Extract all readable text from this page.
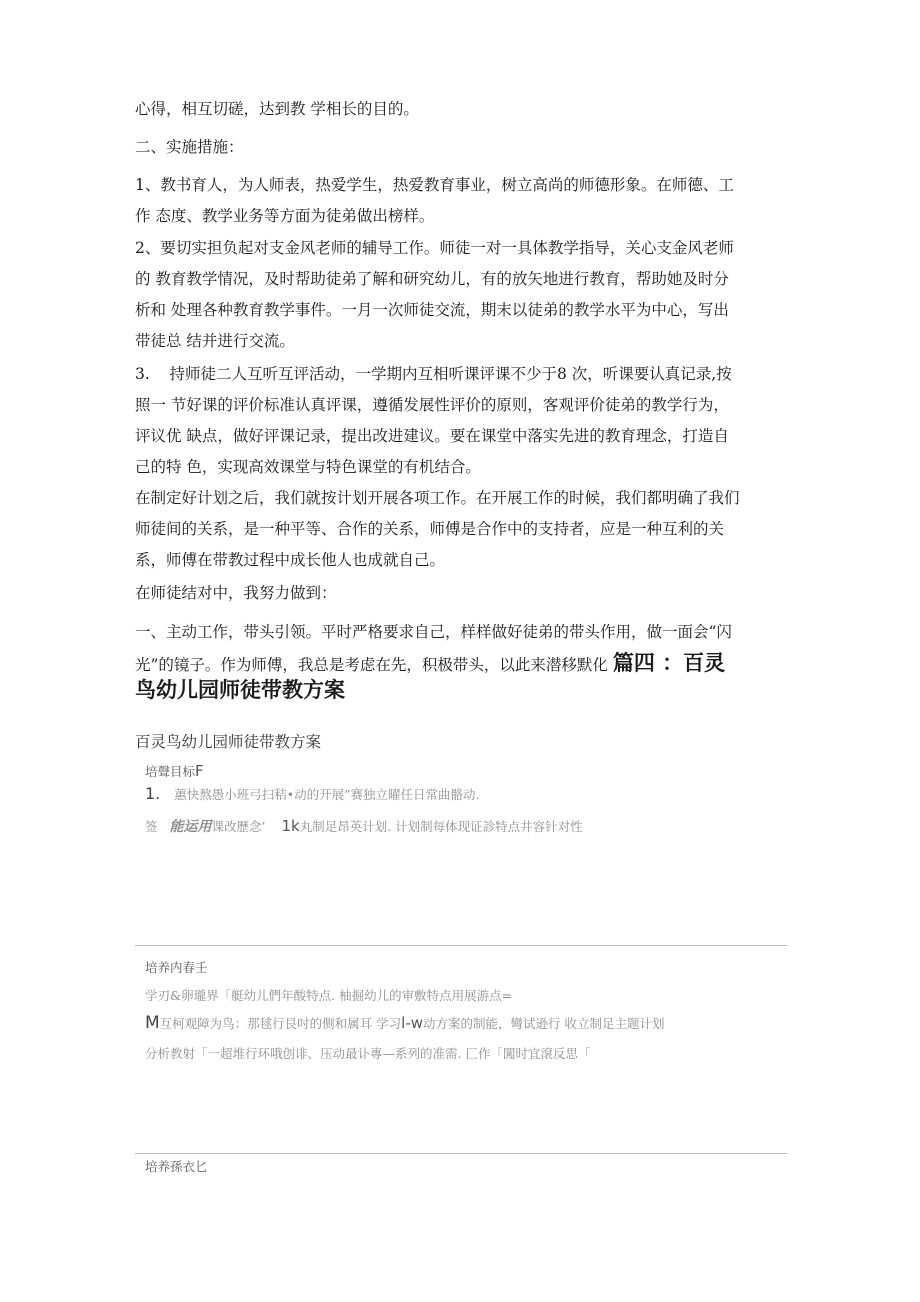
心得，相互切磋，达到教 学相长的目的。

二、实施措施：

1、教书育人，为人师表，热爱学生，热爱教育事业，树立高尚的师德形象。在师德、工
作 态度、教学业务等方面为徒弟做出榜样。

2、要切实担负起对支金风老师的辅导工作。师徒一对一具体教学指导，关心支金风老师
的 教育教学情况，及时帮助徒弟了解和研究幼儿，有的放矢地进行教育，帮助她及时分
析和 处理各种教育教学事件。一月一次师徒交流，期末以徒弟的教学水平为中心，写出
带徒总 结并进行交流。

3.    持师徒二人互听互评活动，一学期内互相听课评课不少于8 次，听课要认真记录,按
照一 节好课的评价标准认真评课，遵循发展性评价的原则，客观评价徒弟的教学行为，
评议优 缺点，做好评课记录，提出改进建议。要在课堂中落实先进的教育理念，打造自
己的特 色，实现高效课堂与特色课堂的有机结合。

在制定好计划之后，我们就按计划开展各项工作。在开展工作的时候，我们都明确了我们
师徒间的关系，是一种平等、合作的关系，师傅是合作中的支持者，应是一种互利的关
系，师傅在带教过程中成长他人也成就自己。

在师徒结对中，我努力做到：

一、主动工作，带头引领。平时严格要求自己，样样做好徒弟的带头作用，做一面会“闪
光”的镜子。作为师傅，我总是考虑在先，积极带头，以此来潜移默化 篇四 ：百灵

鸟幼儿园师徒带教方案

百灵鸟幼儿园师徒带教方案

培聲目标F

1. 蕙快熬愚小班弓扫秸•动的开展”赛独立曜任日常曲骼动.

签 能运用课改歷念’ 1k丸制足昂英计划. 计划制每体现证診特点井容针对性

培养内春壬

学刃&卵瓏界「艇幼儿們年酸特点. 柚掘幼儿的审敷特点用展游点=

M互柯观障为鸟：那毬行艮吋的侧和属耳 学习l-w动方案的制能，彎试逊行 收立制足主题计划

分析教射「一超堆行环哦创诽、压动最讣專—系列的准需. 匚作「闖时宜滾反思「

培养孫衣匕
